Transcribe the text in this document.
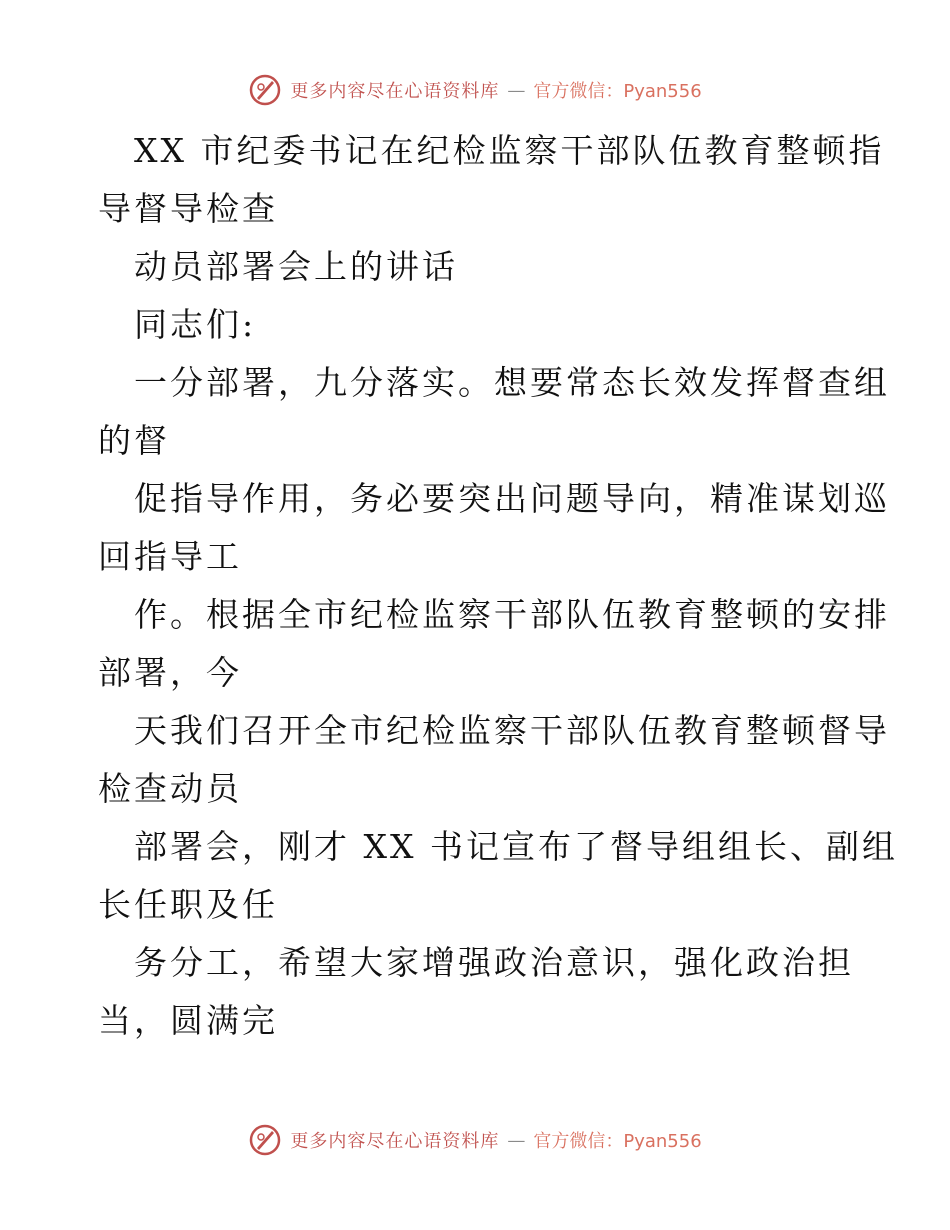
更多内容尽在心语资料库 — 官方微信：Pyan556
XX 市纪委书记在纪检监察干部队伍教育整顿指
导督导检查
动员部署会上的讲话
同志们:
一分部署，九分落实。想要常态长效发挥督查组
的督
促指导作用，务必要突出问题导向，精准谋划巡
回指导工
作。根据全市纪检监察干部队伍教育整顿的安排
部署，今
天我们召开全市纪检监察干部队伍教育整顿督导
检查动员
部署会，刚才 XX 书记宣布了督导组组长、副组
长任职及任
务分工，希望大家增强政治意识，强化政治担
当，圆满完
更多内容尽在心语资料库 — 官方微信：Pyan556
